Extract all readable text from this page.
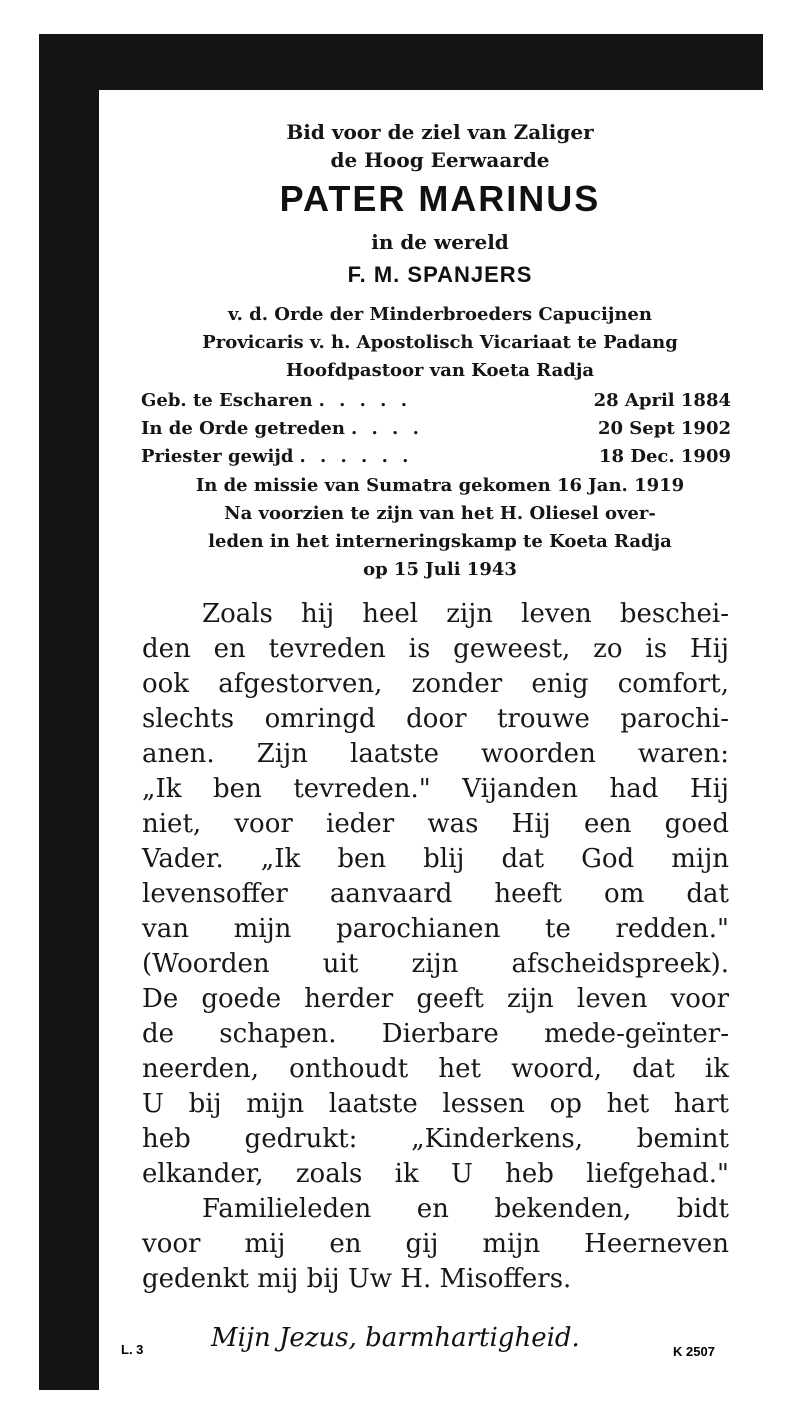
Bid voor de ziel van Zaliger
de Hoog Eerwaarde
PATER MARINUS
in de wereld
F. M. SPANJERS
v. d. Orde der Minderbroeders Capucijnen
Provicaris v. h. Apostolisch Vicariaat te Padang
Hoofdpastoor van Koeta Radja
Geb. te Escharen . . . . .	28 April 1884
In de Orde getreden . . . .	20 Sept 1902
Priester gewijd . . . . . .	18 Dec. 1909
In de missie van Sumatra gekomen 16 Jan. 1919
Na voorzien te zijn van het H. Oliesel over-
leden in het interneringskamp te Koeta Radja
op 15 Juli 1943
Zoals hij heel zijn leven beschei-
den en tevreden is geweest, zo is Hij
ook afgestorven, zonder enig comfort,
slechts omringd door trouwe parochi-
anen. Zijn laatste woorden waren:
„Ik ben tevreden." Vijanden had Hij
niet, voor ieder was Hij een goed
Vader. „Ik ben blij dat God mijn
levensoffer aanvaard heeft om dat
van mijn parochianen te redden."
(Woorden uit zijn afscheidspreek).
De goede herder geeft zijn leven voor
de schapen. Dierbare mede-geïnter-
neerden, onthoudt het woord, dat ik
U bij mijn laatste lessen op het hart
heb gedrukt: „Kinderkens, bemint
elkander, zoals ik U heb liefgehad."
Familieleden en bekenden, bidt
voor mij en gij mijn Heerneven
gedenkt mij bij Uw H. Misoffers.
L. 3	Mijn Jezus, barmhartigheid.	K 2507
